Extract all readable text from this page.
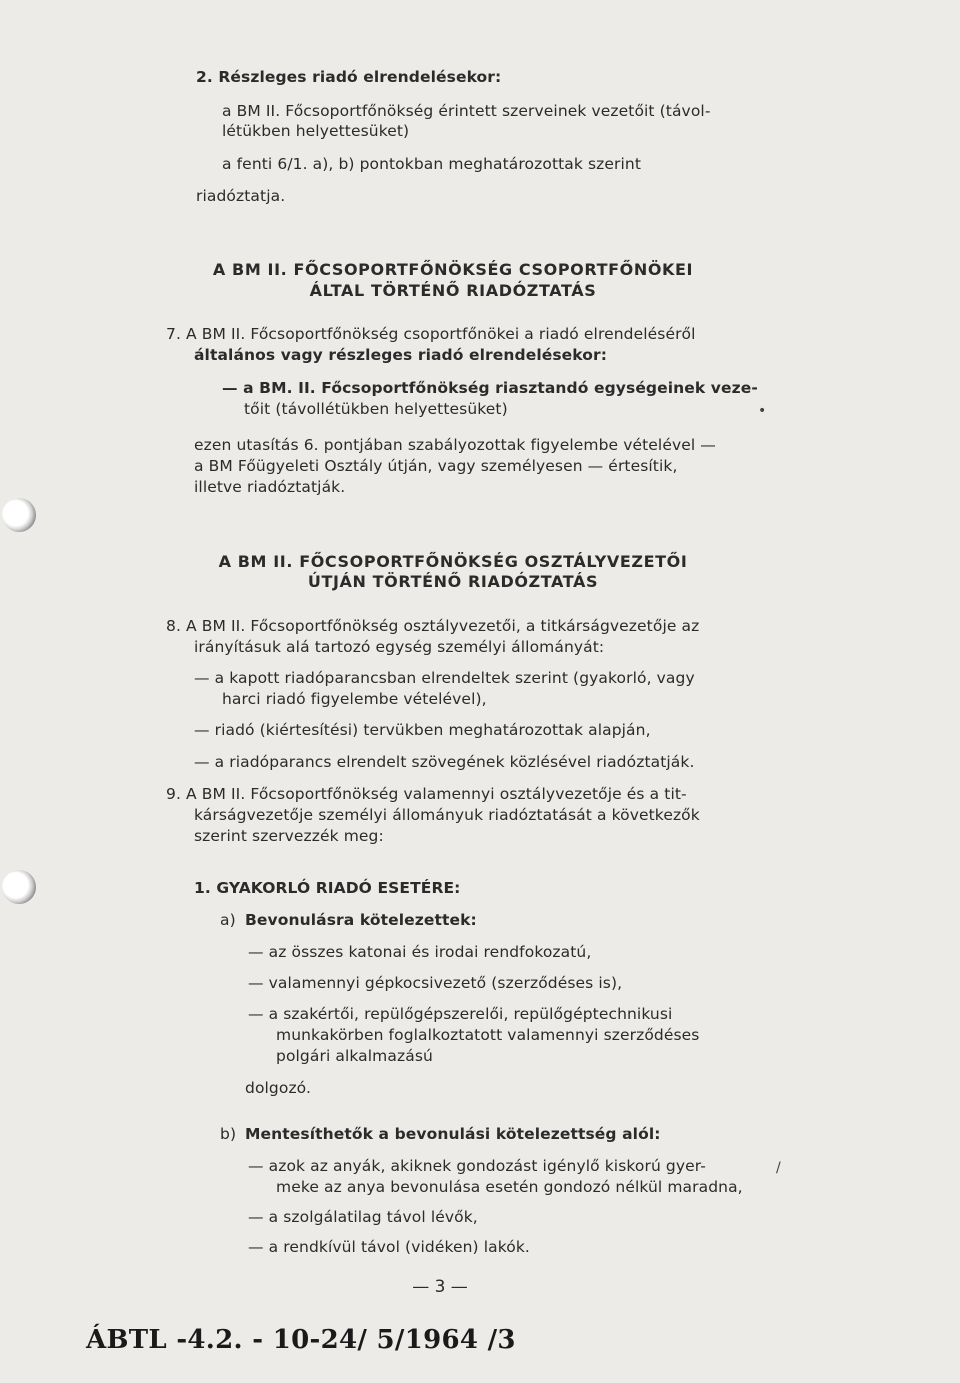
2. Részleges riadó elrendelésekor:
a BM II. Főcsoportfőnökség érintett szerveinek vezetőit (távol-
létükben helyettesüket)
a fenti 6/1. a), b) pontokban meghatározottak szerint
riadóztatja.
A BM II. FŐCSOPORTFŐNÖKSÉG CSOPORTFŐNÖKEI
ÁLTAL TÖRTÉNŐ RIADÓZTATÁS
7. A BM II. Főcsoportfőnökség csoportfőnökei a riadó elrendeléséről
általános vagy részleges riadó elrendelésekor:
— a BM. II. Főcsoportfőnökség riasztandó egységeinek veze-
tőit (távollétükben helyettesüket)
ezen utasítás 6. pontjában szabályozottak figyelembe vételével —
a BM Főügyeleti Osztály útján, vagy személyesen — értesítik,
illetve riadóztatják.
A BM II. FŐCSOPORTFŐNÖKSÉG OSZTÁLYVEZETŐI
ÚTJÁN TÖRTÉNŐ RIADÓZTATÁS
8. A BM II. Főcsoportfőnökség osztályvezetői, a titkárságvezetője az
irányításuk alá tartozó egység személyi állományát:
— a kapott riadóparancsban elrendeltek szerint (gyakorló, vagy
harci riadó figyelembe vételével),
— riadó (kiértesítési) tervükben meghatározottak alapján,
— a riadóparancs elrendelt szövegének közlésével riadóztatják.
9. A BM II. Főcsoportfőnökség valamennyi osztályvezetője és a tit-
kárságvezetője személyi állományuk riadóztatását a következők
szerint szervezzék meg:
1. GYAKORLÓ RIADÓ ESETÉRE:
a) Bevonulásra kötelezettek:
— az összes katonai és irodai rendfokozatú,
— valamennyi gépkocsivezető (szerződéses is),
— a szakértői, repülőgépszerelői, repülőgéptechnikusi
munkakörben foglalkoztatott valamennyi szerződéses
polgári alkalmazású
dolgozó.
b) Mentesíthetők a bevonulási kötelezettség alól:
— azok az anyák, akiknek gondozást igénylő kiskorú gyer-
meke az anya bevonulása esetén gondozó nélkül maradna,
— a szolgálatilag távol lévők,
— a rendkívül távol (vidéken) lakók.
— 3 —
ÁBTL -4.2. - 10-24/ 5/1964 /3
/
•
